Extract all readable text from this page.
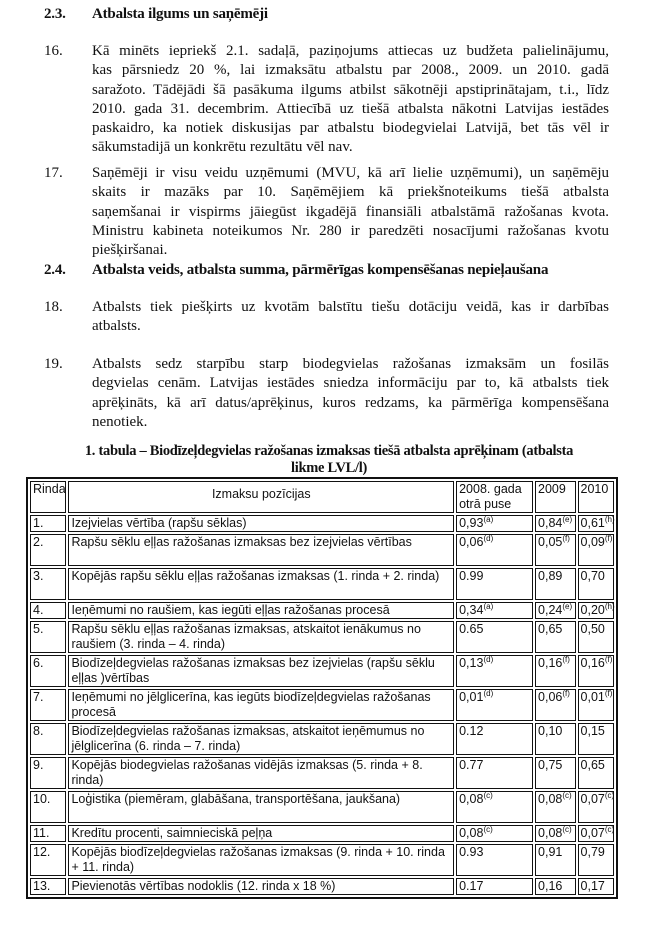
2.3. Atbalsta ilgums un saņēmēji
16. Kā minēts iepriekš 2.1. sadaļā, paziņojums attiecas uz budžeta palielinājumu,
kas pārsniedz 20 %, lai izmaksātu atbalstu par 2008., 2009. un 2010. gadā
saražoto. Tādējādi šā pasākuma ilgums atbilst sākotnēji apstiprinātajam, t.i., līdz
2010. gada 31. decembrim. Attiecībā uz tiešā atbalsta nākotni Latvijas iestādes
paskaidro, ka notiek diskusijas par atbalstu biodegvielai Latvijā, bet tās vēl ir
sākumstadijā un konkrētu rezultātu vēl nav.
17. Saņēmēji ir visu veidu uzņēmumi (MVU, kā arī lielie uzņēmumi), un saņēmēju
skaits ir mazāks par 10. Saņēmējiem kā priekšnoteikums tiešā atbalsta
saņemšanai ir vispirms jāiegūst ikgadējā finansiāli atbalstāmā ražošanas kvota.
Ministru kabineta noteikumos Nr. 280 ir paredzēti nosacījumi ražošanas kvotu
piešķiršanai.
2.4. Atbalsta veids, atbalsta summa, pārmērīgas kompensēšanas nepieļaušana
18. Atbalsts tiek piešķirts uz kvotām balstītu tiešu dotāciju veidā, kas ir darbības
atbalsts.
19. Atbalsts sedz starpību starp biodegvielas ražošanas izmaksām un fosilās
degvielas cenām. Latvijas iestādes sniedza informāciju par to, kā atbalsts tiek
aprēķināts, kā arī datus/aprēķinus, kuros redzams, ka pārmērīga kompensēšana
nenotiek.
1. tabula – Biodīzeļdegvielas ražošanas izmaksas tiešā atbalsta aprēķinam (atbalsta
likme LVL/l)
Rinda	Izmaksu pozīcijas	2008. gada otrā puse	2009	2010
1.	Izejvielas vērtība (rapšu sēklas)	0,93$^{(a)}$	0,84$^{(e)}$	0,61$^{(h)}$
2.	Rapšu sēklu eļļas ražošanas izmaksas bez izejvielas vērtības	0,06$^{(d)}$	0,05$^{(f)}$	0,09$^{(f)}$
3.	Kopējās rapšu sēklu eļļas ražošanas izmaksas (1. rinda + 2. rinda)	0.99	0,89	0,70
4.	Ieņēmumi no raušiem, kas iegūti eļļas ražošanas procesā	0,34$^{(a)}$	0,24$^{(e)}$	0,20$^{(h)}$
5.	Rapšu sēklu eļļas ražošanas izmaksas, atskaitot ienākumus no raušiem (3. rinda – 4. rinda)	0.65	0,65	0,50
6.	Biodīzeļdegvielas ražošanas izmaksas bez izejvielas (rapšu sēklu eļļas )vērtības	0,13$^{(d)}$	0,16$^{(f)}$	0,16$^{(f)}$
7.	Ieņēmumi no jēlglicerīna, kas iegūts biodīzeļdegvielas ražošanas procesā	0,01$^{(d)}$	0,06$^{(f)}$	0,01$^{(f)}$
8.	Biodīzeļdegvielas ražošanas izmaksas, atskaitot ieņēmumus no jēlglicerīna (6. rinda – 7. rinda)	0.12	0,10	0,15
9.	Kopējās biodegvielas ražošanas vidējās izmaksas (5. rinda + 8. rinda)	0.77	0,75	0,65
10.	Loģistika (piemēram, glabāšana, transportēšana, jaukšana)	0,08$^{(c)}$	0,08$^{(c)}$	0,07$^{(c)}$
11.	Kredītu procenti, saimnieciskā peļņa	0,08$^{(c)}$	0,08$^{(c)}$	0,07$^{(c)}$
12.	Kopējās biodīzeļdegvielas ražošanas izmaksas (9. rinda + 10. rinda + 11. rinda)	0.93	0,91	0,79
13.	Pievienotās vērtības nodoklis (12. rinda x 18 %)	0.17	0,16	0,17
